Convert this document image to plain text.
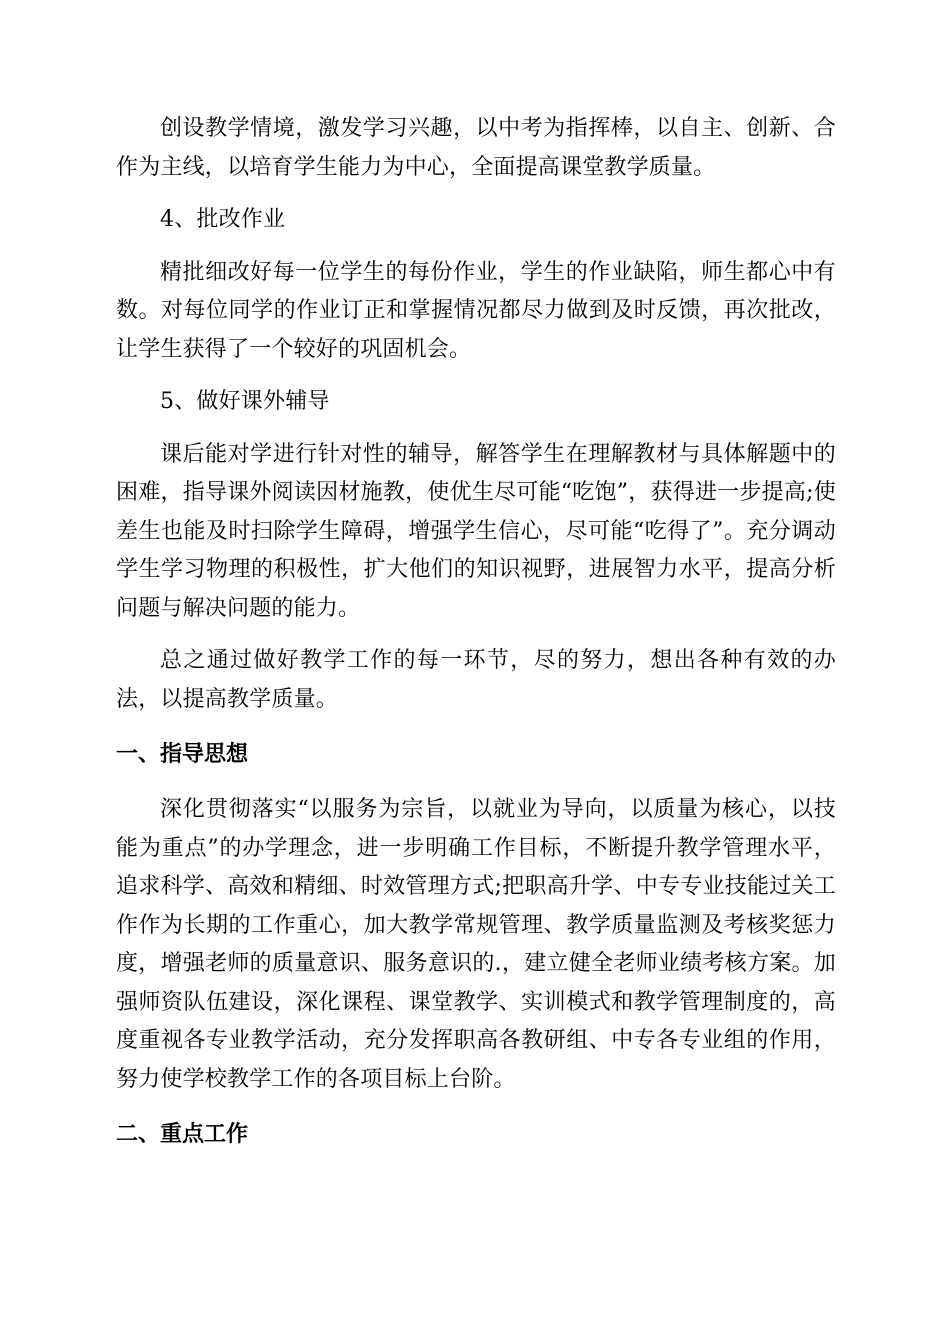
创设教学情境，激发学习兴趣，以中考为指挥棒，以自主、创新、合作为主线，以培育学生能力为中心，全面提高课堂教学质量。

4、批改作业

精批细改好每一位学生的每份作业，学生的作业缺陷，师生都心中有数。对每位同学的作业订正和掌握情况都尽力做到及时反馈，再次批改，让学生获得了一个较好的巩固机会。

5、做好课外辅导

课后能对学进行针对性的辅导，解答学生在理解教材与具体解题中的困难，指导课外阅读因材施教，使优生尽可能“吃饱”，获得进一步提高;使差生也能及时扫除学生障碍，增强学生信心，尽可能“吃得了”。充分调动学生学习物理的积极性，扩大他们的知识视野，进展智力水平，提高分析问题与解决问题的能力。

总之通过做好教学工作的每一环节，尽的努力，想出各种有效的办法，以提高教学质量。

一、指导思想

深化贯彻落实“以服务为宗旨，以就业为导向，以质量为核心，以技能为重点”的办学理念，进一步明确工作目标，不断提升教学管理水平，追求科学、高效和精细、时效管理方式;把职高升学、中专专业技能过关工作作为长期的工作重心，加大教学常规管理、教学质量监测及考核奖惩力度，增强老师的质量意识、服务意识的.，建立健全老师业绩考核方案。加强师资队伍建设，深化课程、课堂教学、实训模式和教学管理制度的，高度重视各专业教学活动，充分发挥职高各教研组、中专各专业组的作用，努力使学校教学工作的各项目标上台阶。

二、重点工作
